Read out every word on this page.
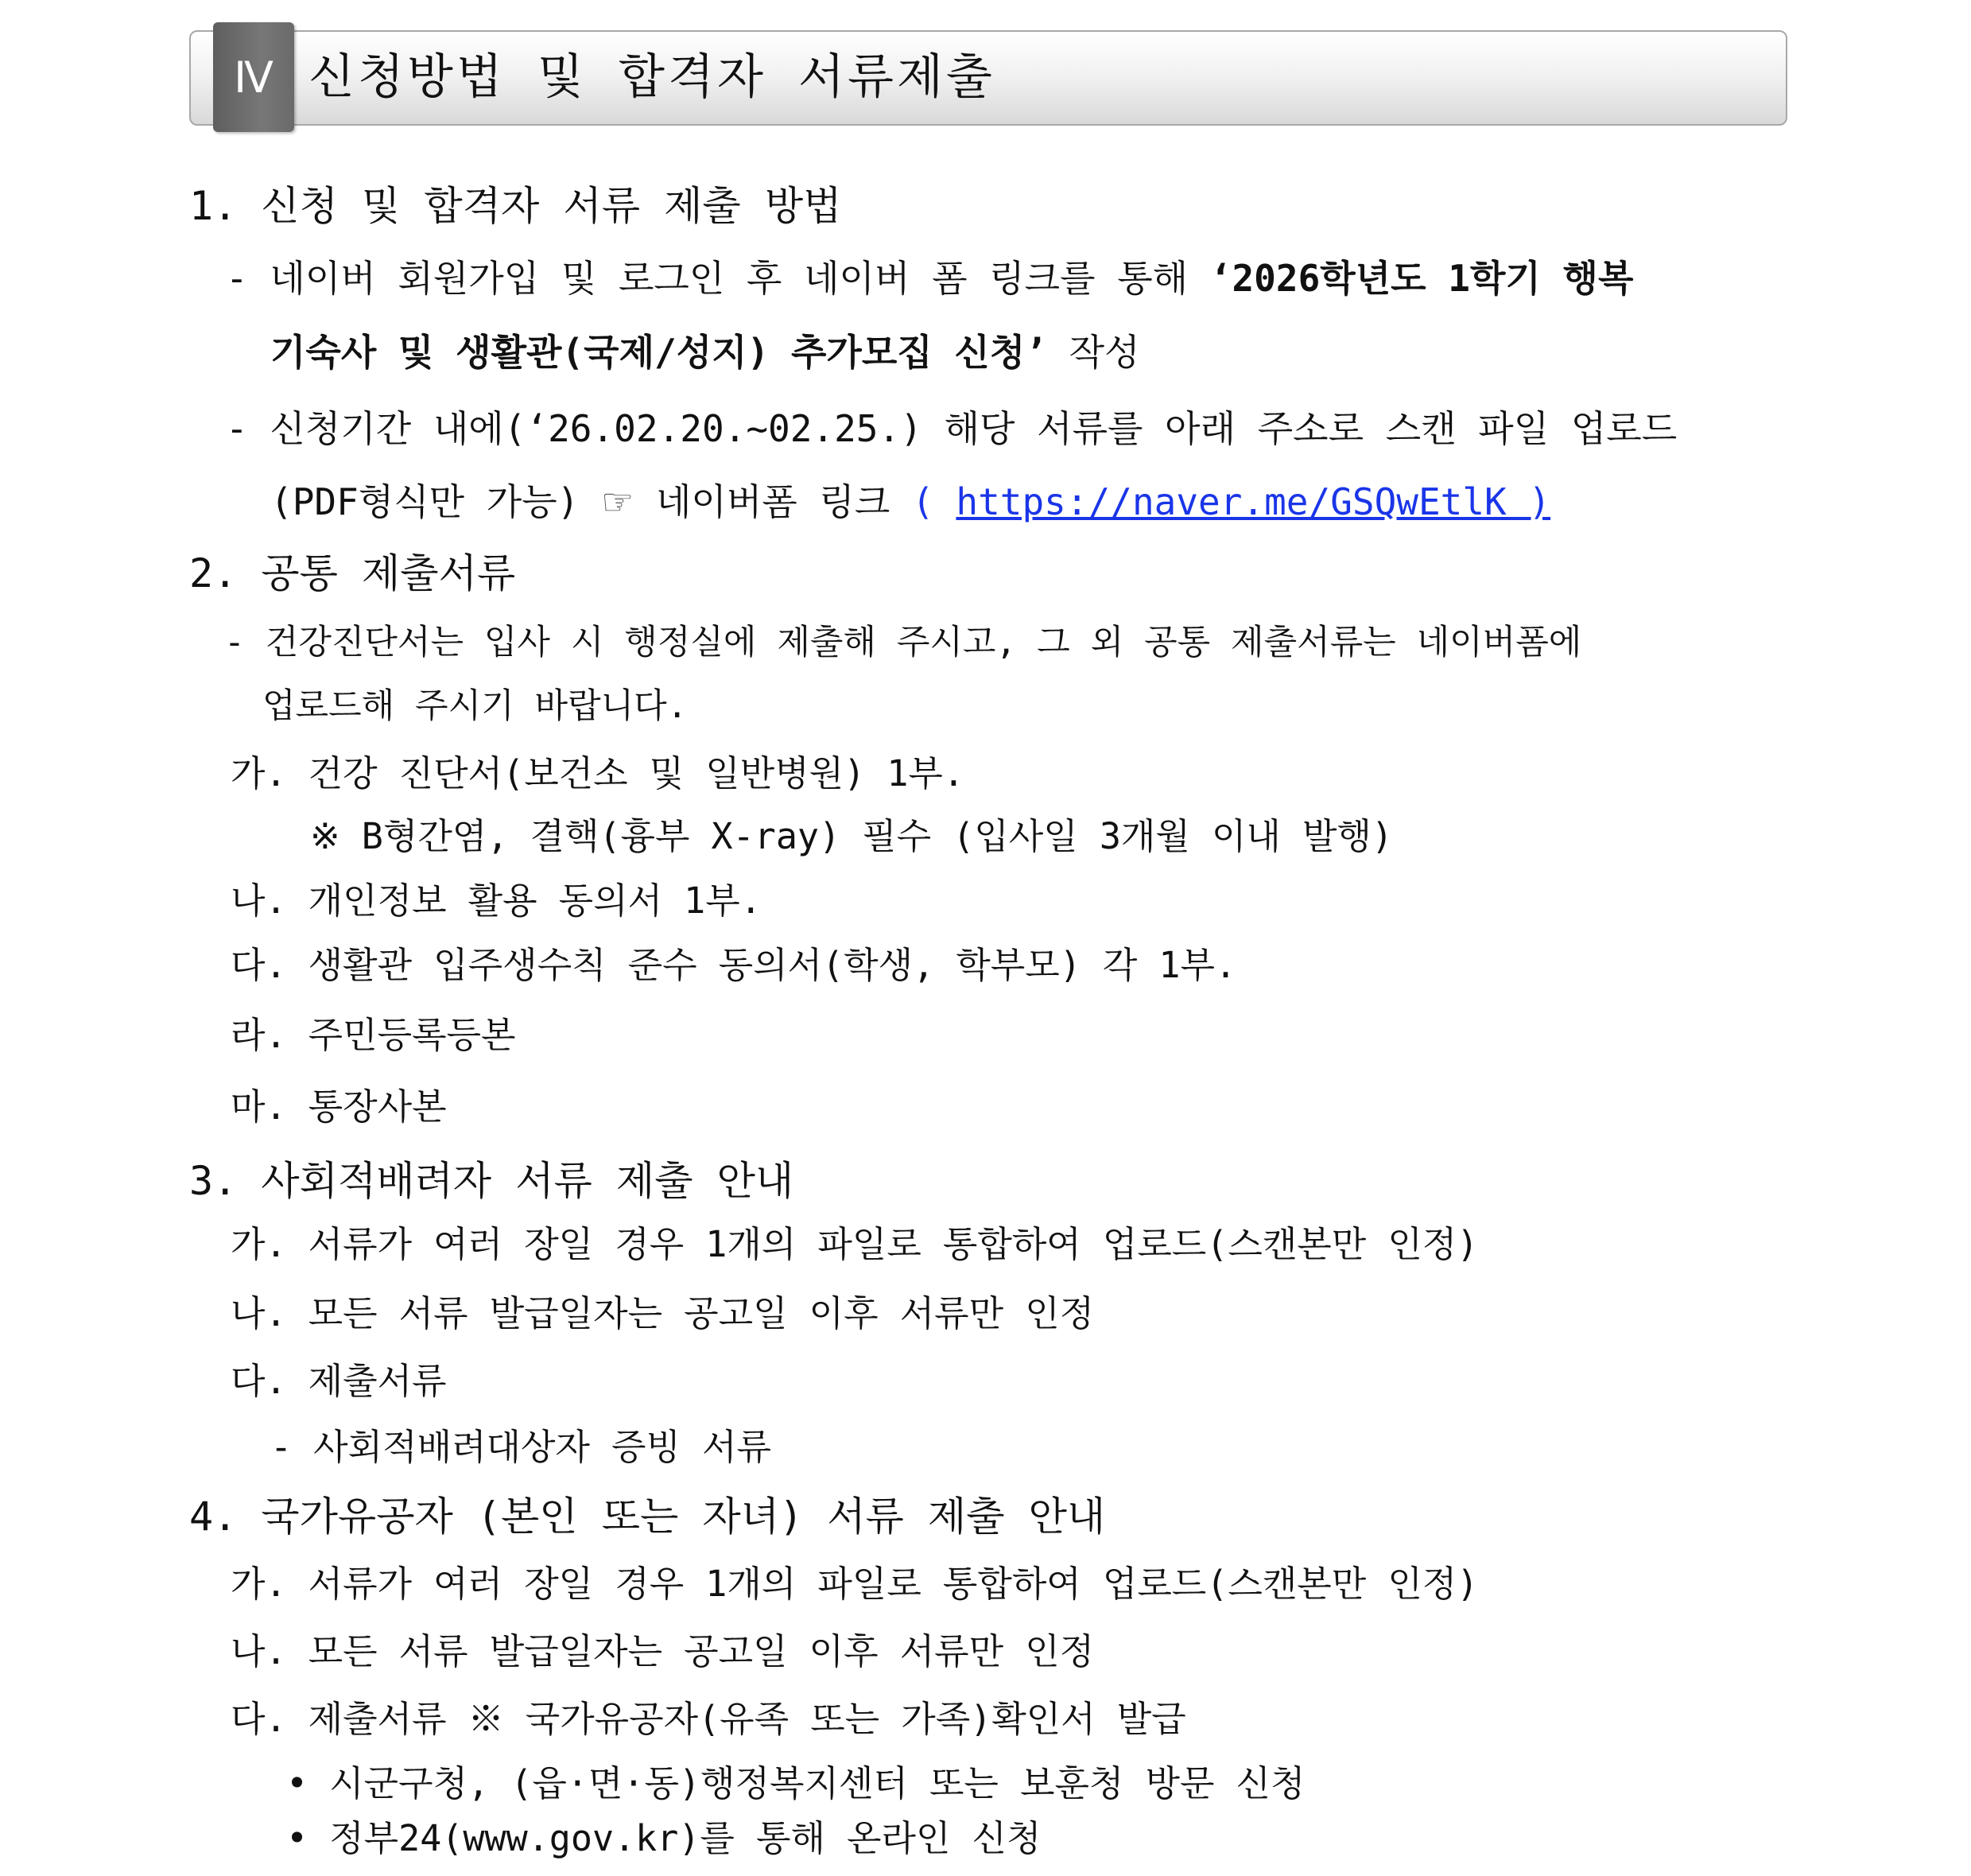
Ⅳ 신청방법 및 합격자 서류제출
1. 신청 및 합격자 서류 제출 방법
- 네이버 회원가입 및 로그인 후 네이버 폼 링크를 통해 ‘2026학년도 1학기 행복
기숙사 및 생활관(국제/성지) 추가모집 신청’ 작성
- 신청기간 내에(‘26.02.20.~02.25.) 해당 서류를 아래 주소로 스캔 파일 업로드
(PDF형식만 가능) ☞ 네이버폼 링크 ( https://naver.me/GSQwEtlK )
2. 공통 제출서류
- 건강진단서는 입사 시 행정실에 제출해 주시고, 그 외 공통 제출서류는 네이버폼에
업로드해 주시기 바랍니다.
가. 건강 진단서(보건소 및 일반병원) 1부.
※ B형간염, 결핵(흉부 X-ray) 필수 (입사일 3개월 이내 발행)
나. 개인정보 활용 동의서 1부.
다. 생활관 입주생수칙 준수 동의서(학생, 학부모) 각 1부.
라. 주민등록등본
마. 통장사본
3. 사회적배려자 서류 제출 안내
가. 서류가 여러 장일 경우 1개의 파일로 통합하여 업로드(스캔본만 인정)
나. 모든 서류 발급일자는 공고일 이후 서류만 인정
다. 제출서류
- 사회적배려대상자 증빙 서류
4. 국가유공자 (본인 또는 자녀) 서류 제출 안내
가. 서류가 여러 장일 경우 1개의 파일로 통합하여 업로드(스캔본만 인정)
나. 모든 서류 발급일자는 공고일 이후 서류만 인정
다. 제출서류 ※ 국가유공자(유족 또는 가족)확인서 발급
• 시군구청, (읍·면·동)행정복지센터 또는 보훈청 방문 신청
• 정부24(www.gov.kr)를 통해 온라인 신청
